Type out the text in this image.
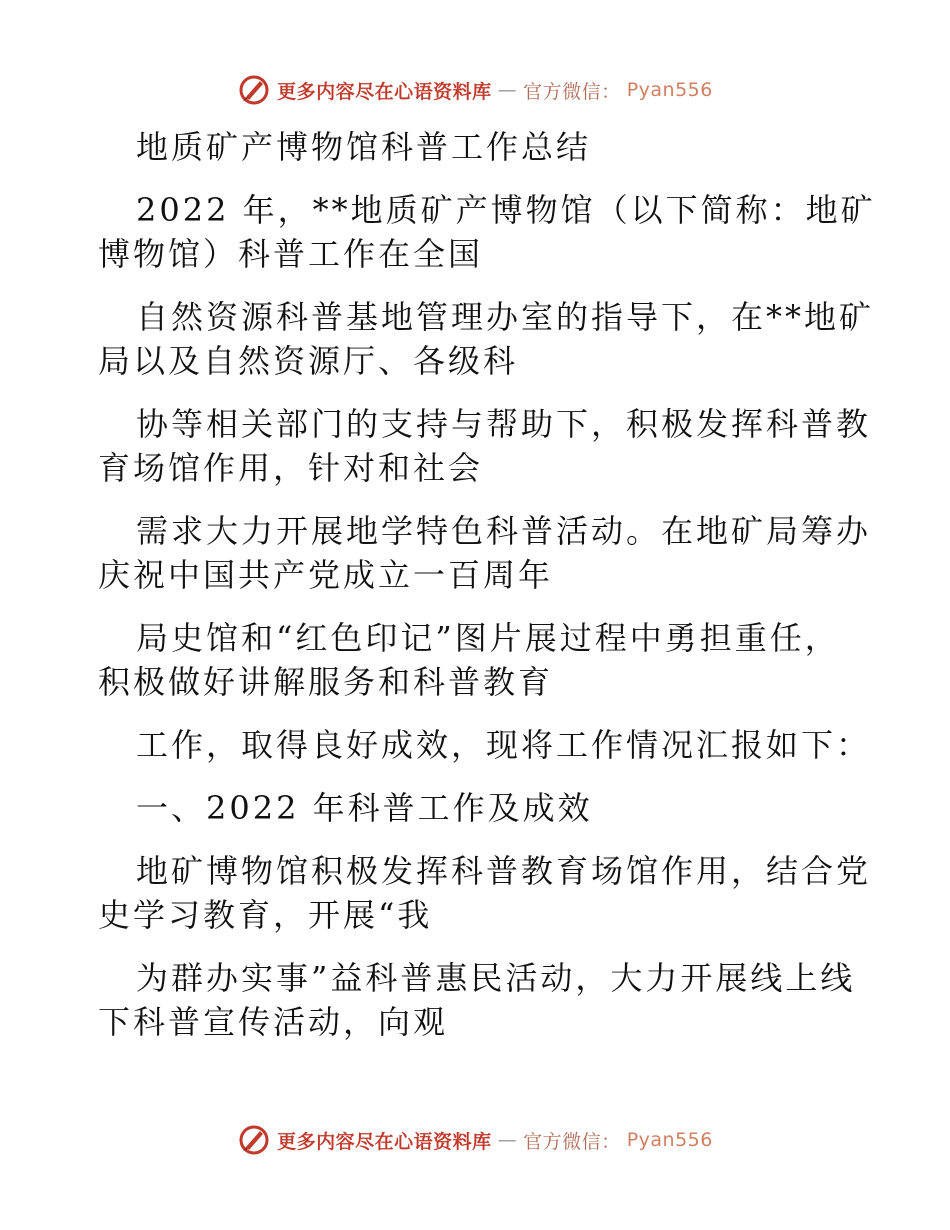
更多内容尽在心语资料库 — 官方微信： Pyan556

地质矿产博物馆科普工作总结

2022 年，**地质矿产博物馆（以下简称：地矿

博物馆）科普工作在全国

自然资源科普基地管理办室的指导下，在**地矿

局以及自然资源厅、各级科

协等相关部门的支持与帮助下，积极发挥科普教

育场馆作用，针对和社会

需求大力开展地学特色科普活动。在地矿局筹办

庆祝中国共产党成立一百周年

局史馆和“红色印记”图片展过程中勇担重任，

积极做好讲解服务和科普教育

工作，取得良好成效，现将工作情况汇报如下：

一、2022 年科普工作及成效

地矿博物馆积极发挥科普教育场馆作用，结合党

史学习教育，开展“我

为群办实事”益科普惠民活动，大力开展线上线

下科普宣传活动，向观

更多内容尽在心语资料库 — 官方微信： Pyan556
